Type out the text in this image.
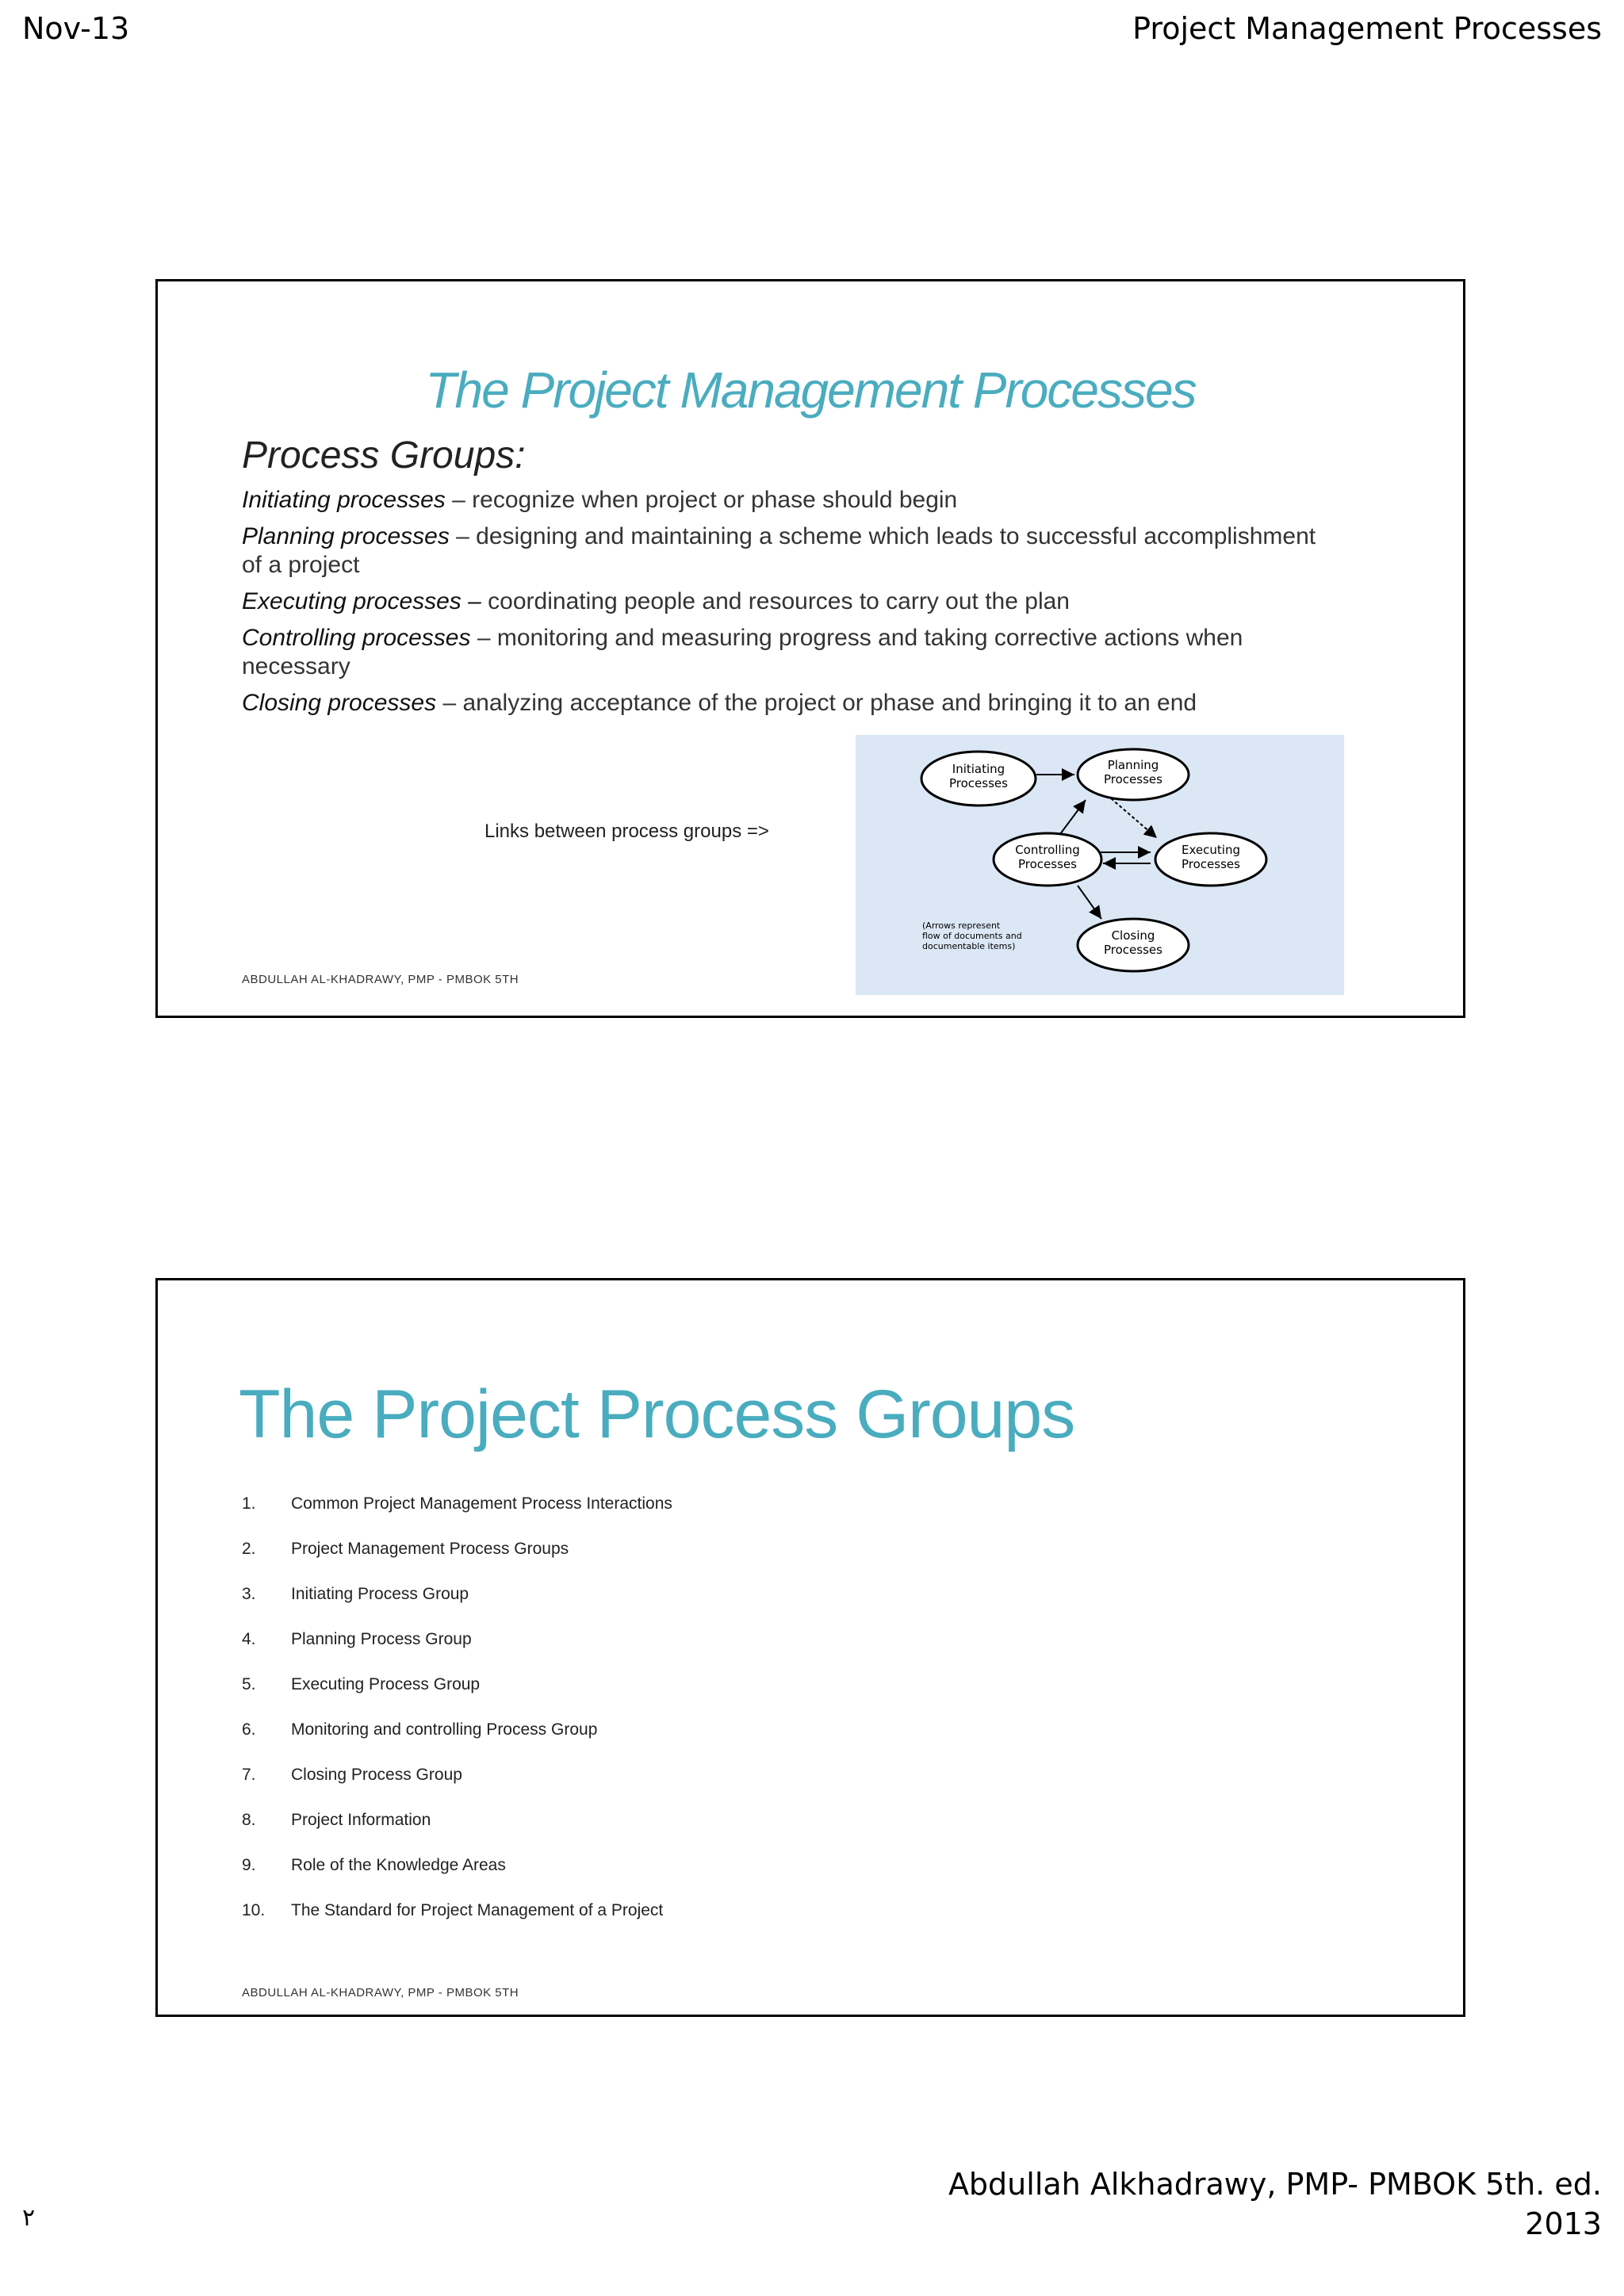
Nov-13	Project Management Processes
The Project Management Processes
Process Groups:
Initiating processes – recognize when project or phase should begin
Planning processes – designing and maintaining a scheme which leads to successful accomplishment of a project
Executing processes – coordinating people and resources to carry out the plan
Controlling processes – monitoring and measuring progress and taking corrective actions when necessary
Closing processes – analyzing acceptance of the project or phase and bringing it to an end
Links between process groups =>
Initiating
Processes
Planning
Processes
Controlling
Processes
Executing
Processes
Closing
Processes
(Arrows represent
flow of documents and
documentable items)
ABDULLAH AL-KHADRAWY, PMP - PMBOK 5TH
The Project Process Groups
1.	Common Project Management Process Interactions
2.	Project Management Process Groups
3.	Initiating Process Group
4.	Planning Process Group
5.	Executing Process Group
6.	Monitoring and controlling Process Group
7.	Closing Process Group
8.	Project Information
9.	Role of the Knowledge Areas
10.	The Standard for Project Management of a Project
ABDULLAH AL-KHADRAWY, PMP - PMBOK 5TH
Abdullah Alkhadrawy, PMP- PMBOK 5th. ed.
2013
٢
